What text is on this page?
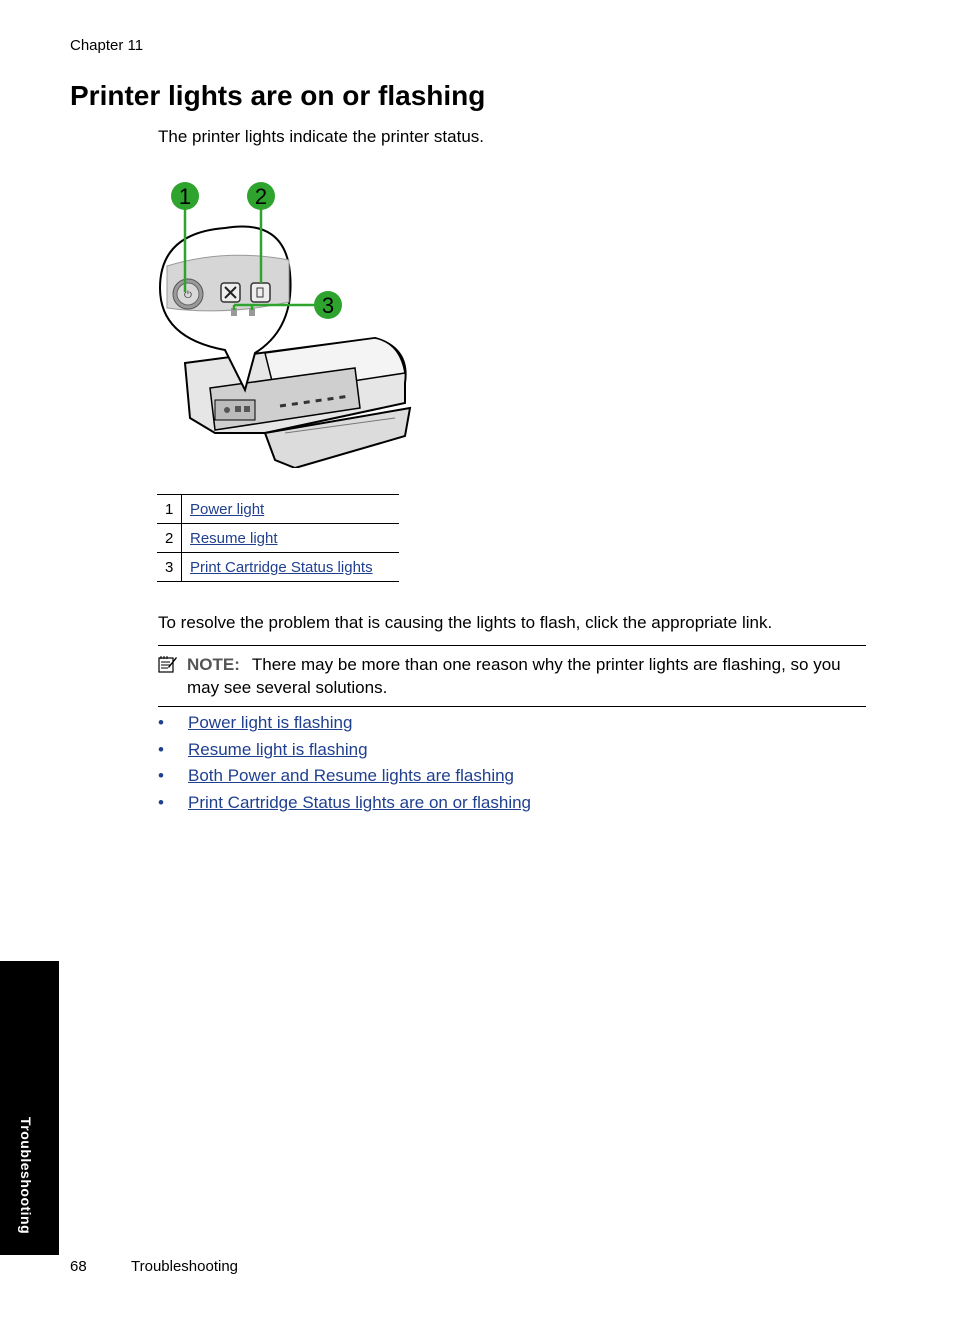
Chapter 11
Printer lights are on or flashing
The printer lights indicate the printer status.
⏻
1	2
3
1	Power light
2	Resume light
3	Print Cartridge Status lights
To resolve the problem that is causing the lights to flash, click the appropriate link.
NOTE: There may be more than one reason why the printer lights are flashing, so you may see several solutions.
• Power light is flashing
• Resume light is flashing
• Both Power and Resume lights are flashing
• Print Cartridge Status lights are on or flashing
Troubleshooting
68	Troubleshooting
